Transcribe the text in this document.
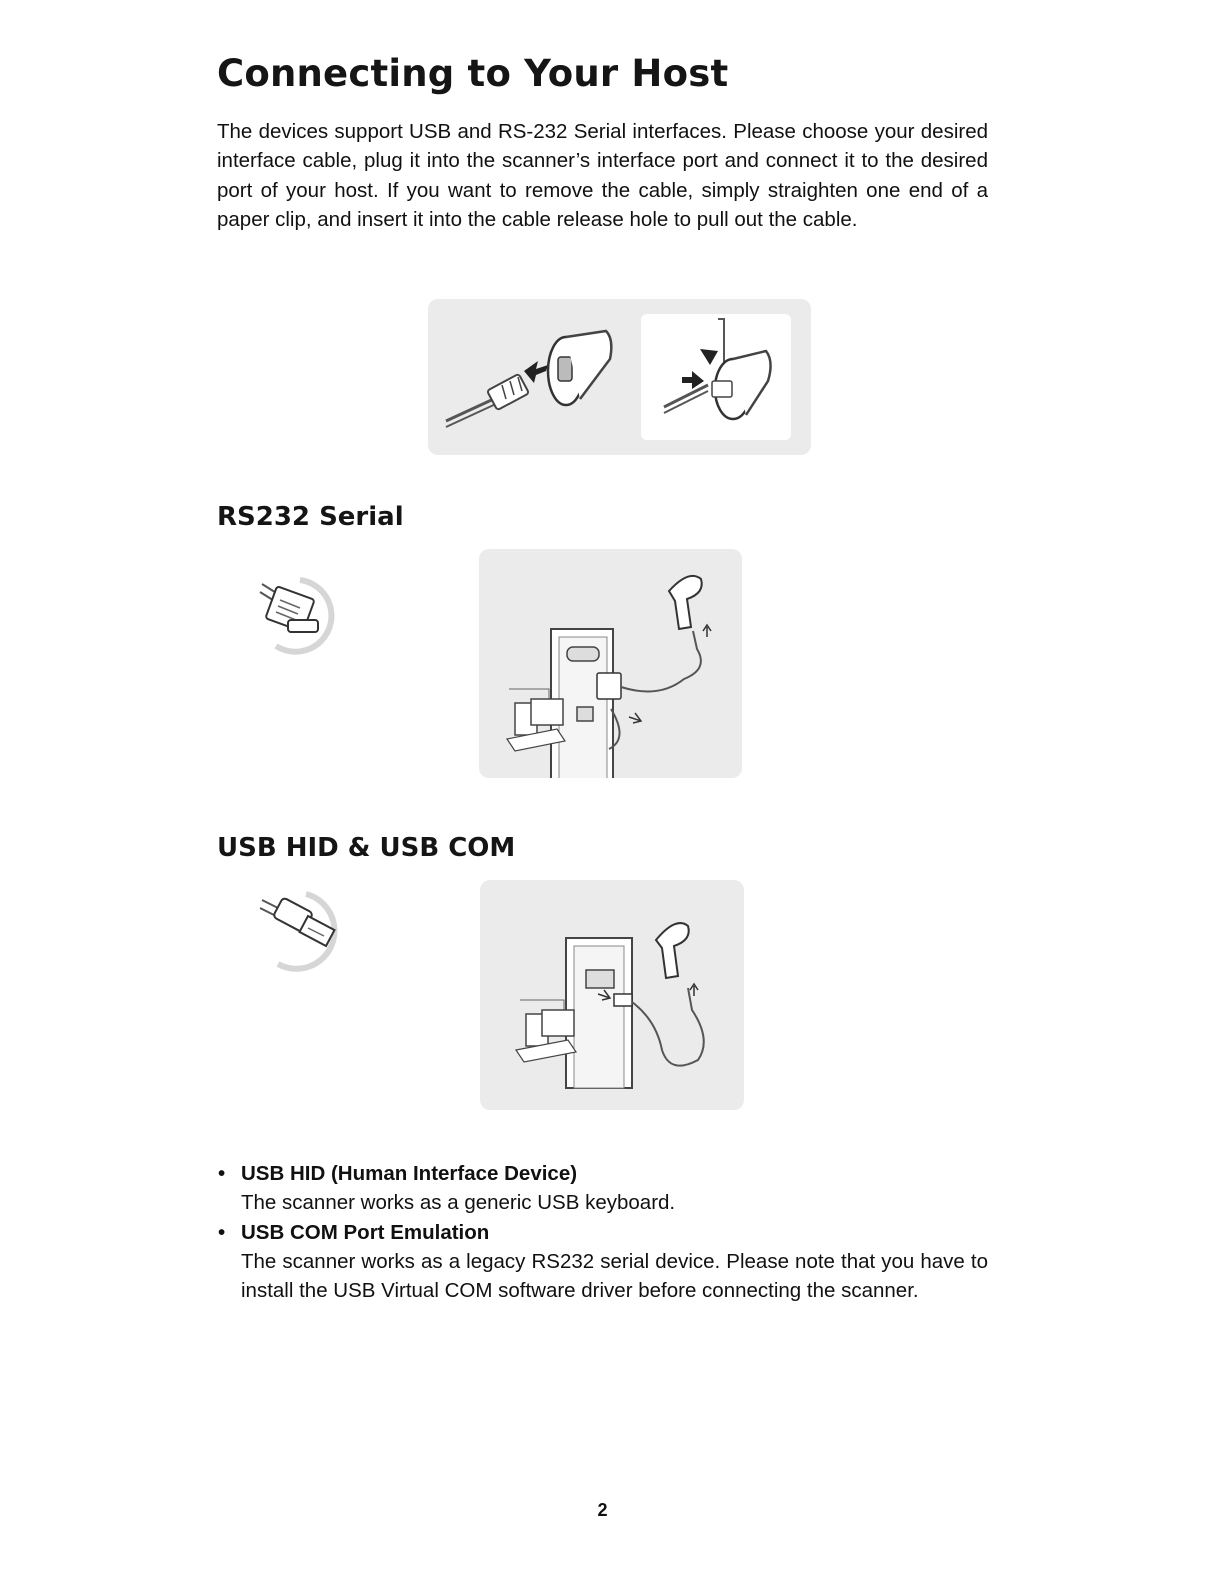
Connecting to Your Host

The devices support USB and RS-232 Serial interfaces. Please choose your desired interface cable, plug it into the scanner’s interface port and connect it to the desired port of your host. If you want to remove the cable, simply straighten one end of a paper clip, and insert it into the cable release hole to pull out the cable.

RS232 Serial
USB HID & USB COM
• USB HID (Human Interface Device)
The scanner works as a generic USB keyboard.
• USB COM Port Emulation
The scanner works as a legacy RS232 serial device. Please note that you have to install the USB Virtual COM software driver before connecting the scanner.
2
